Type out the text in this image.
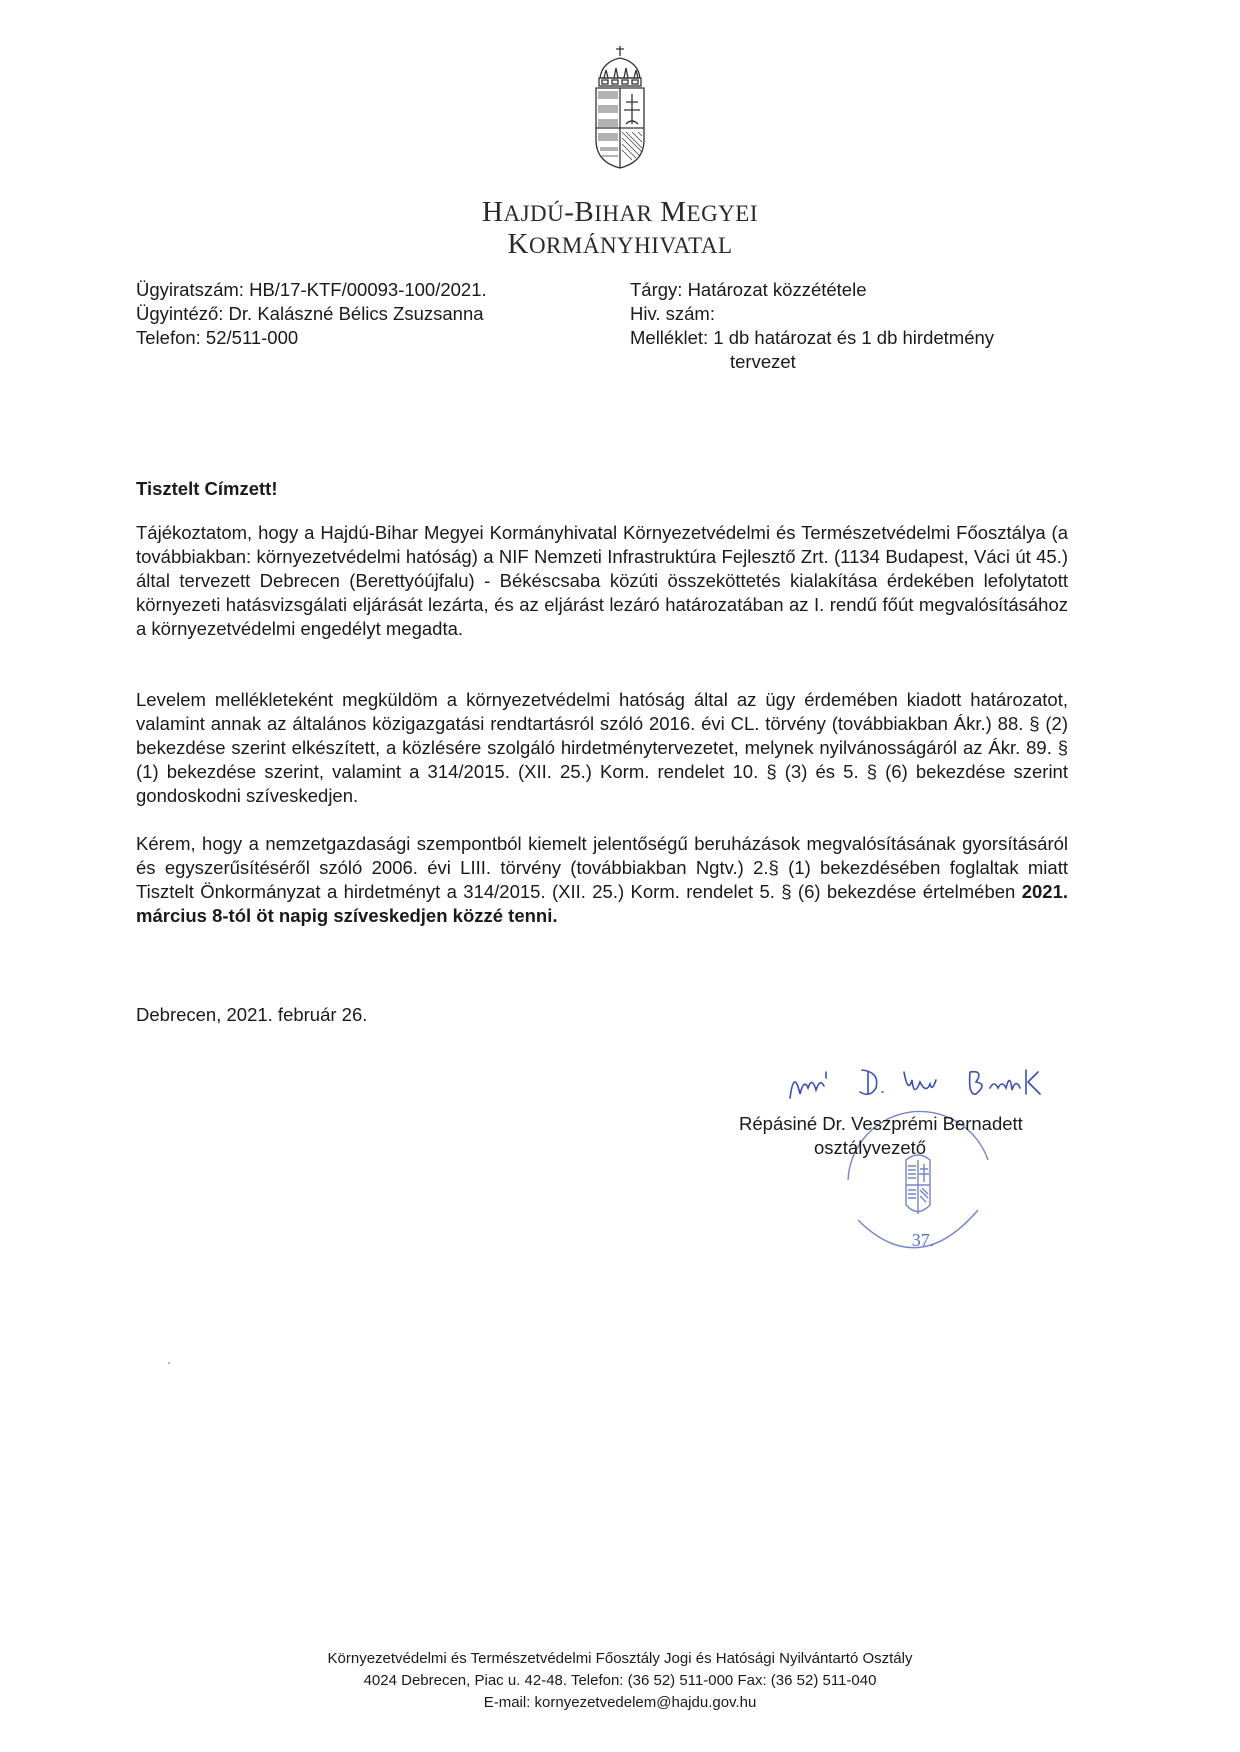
HAJDÚ-BIHAR MEGYEI
KORMÁNYHIVATAL
Ügyiratszám: HB/17-KTF/00093-100/2021.
Ügyintéző: Dr. Kalászné Bélics Zsuzsanna
Telefon: 52/511-000
Tárgy: Határozat közzététele
Hiv. szám:
Melléklet: 1 db határozat és 1 db hirdetmény
tervezet
Tisztelt Címzett!
Tájékoztatom, hogy a Hajdú-Bihar Megyei Kormányhivatal Környezetvédelmi és Természetvédelmi Főosztálya (a továbbiakban: környezetvédelmi hatóság) a NIF Nemzeti Infrastruktúra Fejlesztő Zrt. (1134 Budapest, Váci út 45.) által tervezett Debrecen (Berettyóújfalu) - Békéscsaba közúti összeköttetés kialakítása érdekében lefolytatott környezeti hatásvizsgálati eljárását lezárta, és az eljárást lezáró határozatában az I. rendű főút megvalósításához a környezetvédelmi engedélyt megadta.
Levelem mellékleteként megküldöm a környezetvédelmi hatóság által az ügy érdemében kiadott határozatot, valamint annak az általános közigazgatási rendtartásról szóló 2016. évi CL. törvény (továbbiakban Ákr.) 88. § (2) bekezdése szerint elkészített, a közlésére szolgáló hirdetménytervezetet, melynek nyilvánosságáról az Ákr. 89. § (1) bekezdése szerint, valamint a 314/2015. (XII. 25.) Korm. rendelet 10. § (3) és 5. § (6) bekezdése szerint gondoskodni szíveskedjen.
Kérem, hogy a nemzetgazdasági szempontból kiemelt jelentőségű beruházások megvalósításának gyorsításáról és egyszerűsítéséről szóló 2006. évi LIII. törvény (továbbiakban Ngtv.) 2.§ (1) bekezdésében foglaltak miatt Tisztelt Önkormányzat a hirdetményt a 314/2015. (XII. 25.) Korm. rendelet 5. § (6) bekezdése értelmében 2021. március 8-tól öt napig szíveskedjen közzé tenni.
Debrecen, 2021. február 26.
37.
Répásiné Dr. Veszprémi Bernadett
osztályvezető
Környezetvédelmi és Természetvédelmi Főosztály Jogi és Hatósági Nyilvántartó Osztály
4024 Debrecen, Piac u. 42-48. Telefon: (36 52) 511-000 Fax: (36 52) 511-040
E-mail: kornyezetvedelem@hajdu.gov.hu
